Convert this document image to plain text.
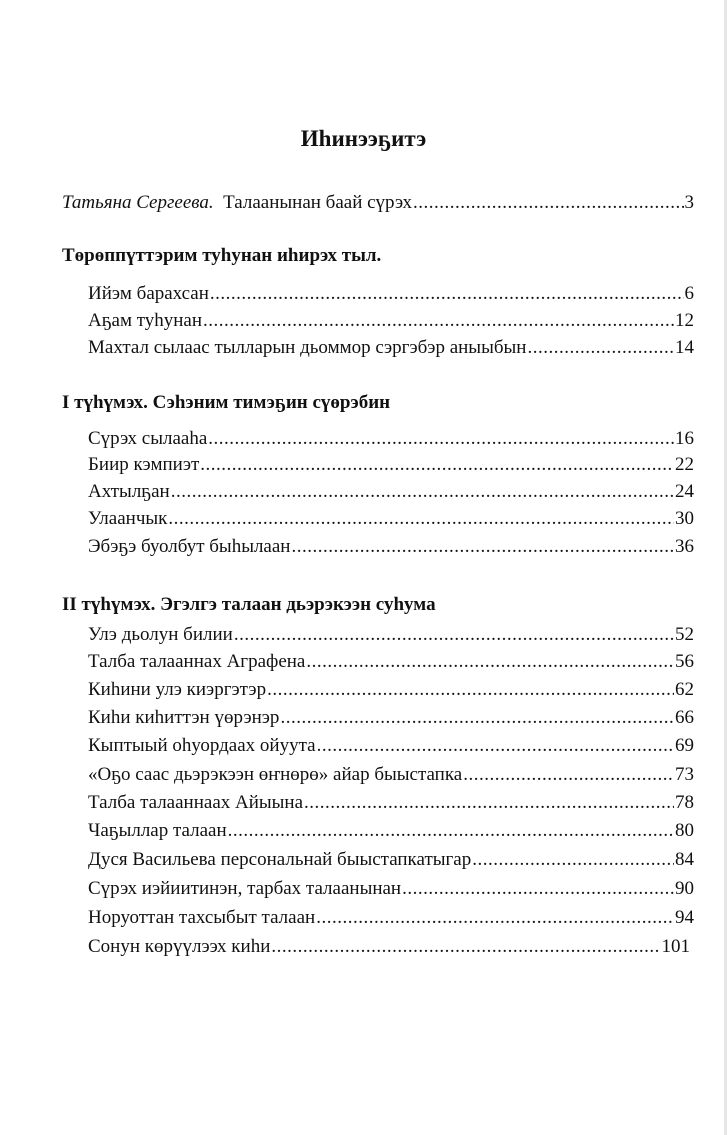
Иһинээҕитэ
Татьяна Сергеева. Талаанынан баай сүрэх .....	3
Төрөппүттэрим туһунан иһирэх тыл.
Ийэм барахсан .....	6
Аҕам туһунан .....	12
Махтал сылаас тылларын дьоммор сэргэбэр аныыбын .....	14
I түһүмэх. Сэһэним тимэҕин сүөрэбин
Сүрэх сылааһа .....	16
Биир кэмпиэт .....	22
Ахтылҕан .....	24
Улаанчык .....	30
Эбэҕэ буолбут быһылаан .....	36
II түһүмэх. Эгэлгэ талаан дьэрэкээн суһума
Улэ дьолун билии .....	52
Талба талааннах Аграфена .....	56
Киһини улэ киэргэтэр .....	62
Киһи киһиттэн үөрэнэр .....	66
Кыптыый оһуордаах ойуута .....	69
«Оҕо саас дьэрэкээн өҥнөрө» айар быыстапка .....	73
Талба талааннаах Айыына .....	78
Чаҕыллар талаан .....	80
Дуся Васильева персональнай быыстапкатыгар .....	84
Сүрэх иэйиитинэн, тарбах талаанынан .....	90
Норуоттан тахсыбыт талаан .....	94
Сонун көрүүлээх киһи .....	101
